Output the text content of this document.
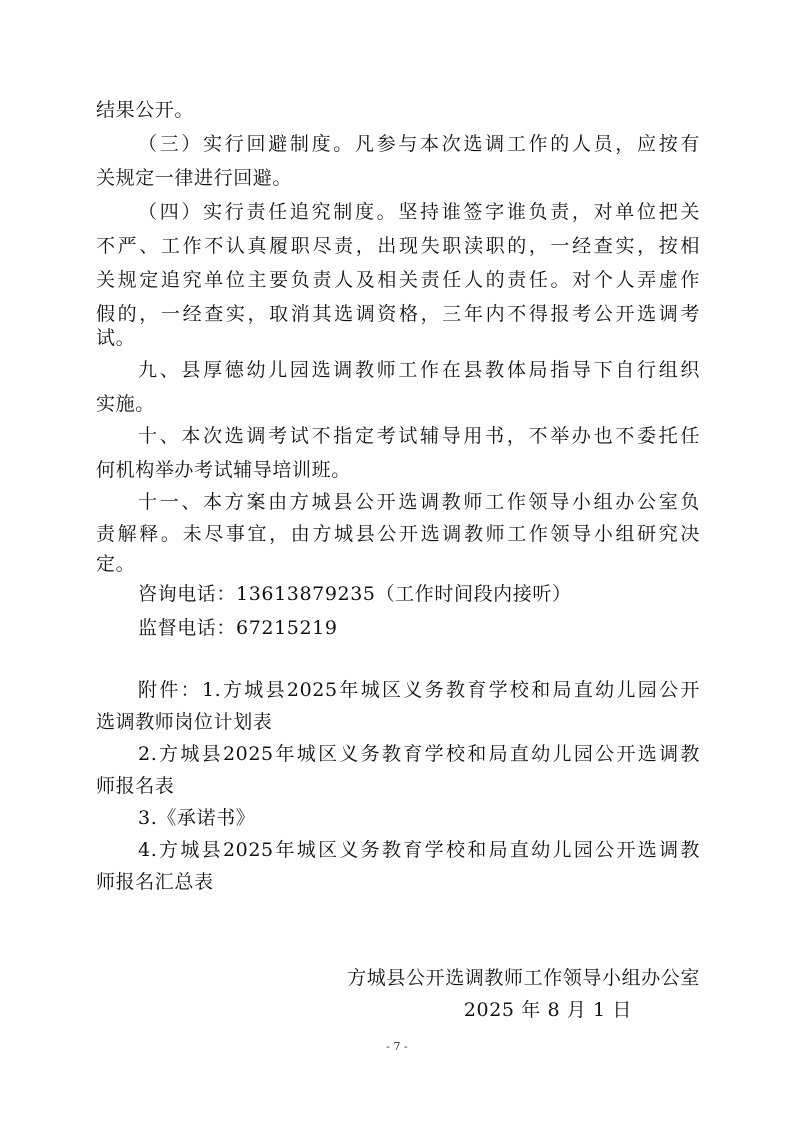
结果公开。
（三）实行回避制度。凡参与本次选调工作的人员，应按有
关规定一律进行回避。
（四）实行责任追究制度。坚持谁签字谁负责，对单位把关
不严、工作不认真履职尽责，出现失职渎职的，一经查实，按相
关规定追究单位主要负责人及相关责任人的责任。对个人弄虚作
假的，一经查实，取消其选调资格，三年内不得报考公开选调考
试。
九、县厚德幼儿园选调教师工作在县教体局指导下自行组织
实施。
十、本次选调考试不指定考试辅导用书，不举办也不委托任
何机构举办考试辅导培训班。
十一、本方案由方城县公开选调教师工作领导小组办公室负
责解释。未尽事宜，由方城县公开选调教师工作领导小组研究决
定。
咨询电话：13613879235（工作时间段内接听）
监督电话：67215219
附件：1.方城县2025年城区义务教育学校和局直幼儿园公开
选调教师岗位计划表
2.方城县2025年城区义务教育学校和局直幼儿园公开选调教
师报名表
3.《承诺书》
4.方城县2025年城区义务教育学校和局直幼儿园公开选调教
师报名汇总表
方城县公开选调教师工作领导小组办公室
2025 年 8 月 1 日
- 7 -
